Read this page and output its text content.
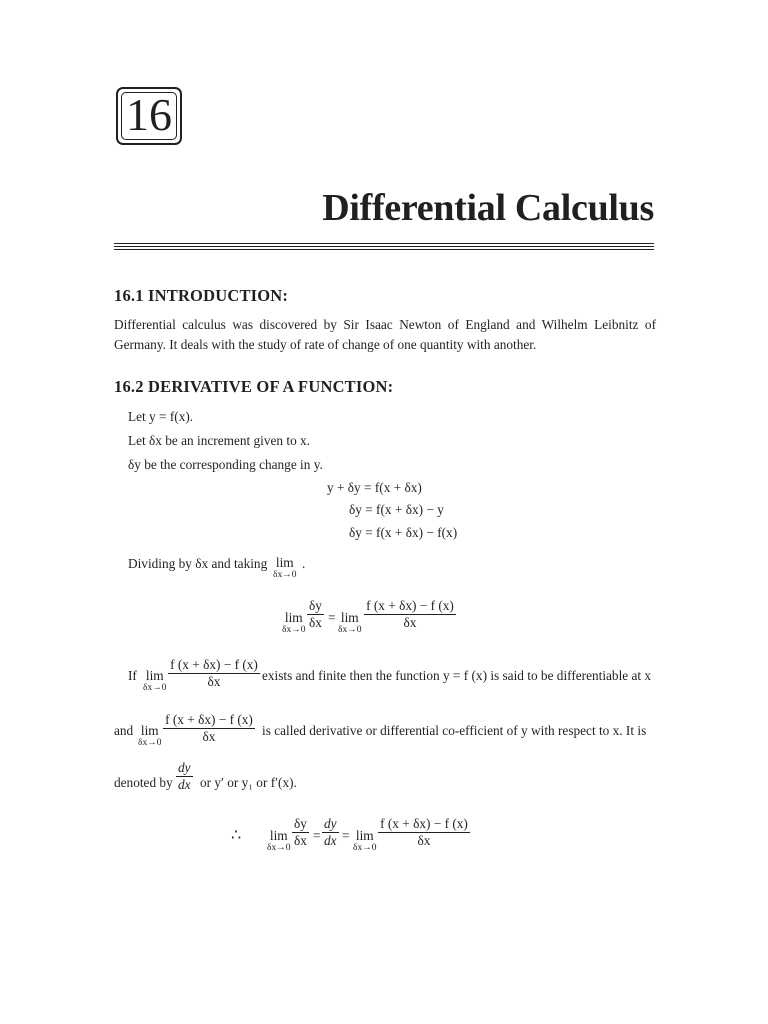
16
Differential Calculus
16.1 INTRODUCTION:
Differential calculus was discovered by Sir Isaac Newton of England and Wilhelm Leibnitz of Germany. It deals with the study of rate of change of one quantity with another.
16.2 DERIVATIVE OF A FUNCTION:
Let y = f(x).
Let δx be an increment given to x.
δy be the corresponding change in y.
y + δy = f(x + δx)
δy = f(x + δx) − y
δy = f(x + δx) − f(x)
Dividing by δx and taking lim
δx→0
.
lim
δx→0
δy
δx = lim
δx→0
f (x + δx) − f (x)
δx
If lim
δx→0
f (x + δx) − f (x)
δx	exists and finite then the function y = f (x) is said to be differentiable at x
and lim
δx→0
f (x + δx) − f (x)
δx	is called derivative or differential co-efficient of y with respect to x. It is
denoted by
dy
dx or y′ or y₁ or f′(x).
∴ lim
δx→0
δy
δx =
dy
dx = lim
δx→0
f (x + δx) − f (x)
δx
